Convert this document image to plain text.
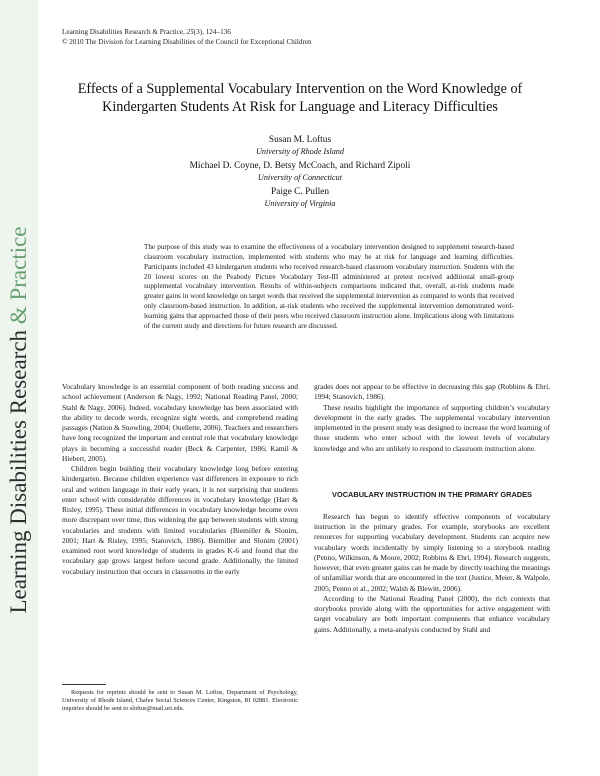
Learning Disabilities Research & Practice
Learning Disabilities Research & Practice, 25(3), 124–136
© 2010 The Division for Learning Disabilities of the Council for Exceptional Children
Effects of a Supplemental Vocabulary Intervention on the Word Knowledge of Kindergarten Students At Risk for Language and Literacy Difficulties
Susan M. Loftus
University of Rhode Island
Michael D. Coyne, D. Betsy McCoach, and Richard Zipoli
University of Connecticut
Paige C. Pullen
University of Virginia
The purpose of this study was to examine the effectiveness of a vocabulary intervention designed to supplement research-based classroom vocabulary instruction, implemented with students who may be at risk for language and learning difficulties. Participants included 43 kindergarten students who received research-based classroom vocabulary instruction. Students with the 20 lowest scores on the Peabody Picture Vocabulary Test-III administered at pretest received additional small-group supplemental vocabulary intervention. Results of within-subjects comparisons indicated that, overall, at-risk students made greater gains in word knowledge on target words that received the supplemental intervention as compared to words that received only classroom-based instruction. In addition, at-risk students who received the supplemental intervention demonstrated word-learning gains that approached those of their peers who received classroom instruction alone. Implications along with limitations of the current study and directions for future research are discussed.

Vocabulary knowledge is an essential component of both reading success and school achievement (Anderson & Nagy, 1992; National Reading Panel, 2000; Stahl & Nagy, 2006). Indeed, vocabulary knowledge has been associated with the ability to decode words, recognize sight words, and comprehend reading passages (Nation & Snowling, 2004; Ouellette, 2006). Teachers and researchers have long recognized the important and central role that vocabulary knowledge plays in becoming a successful reader (Beck & Carpenter, 1986; Kamil & Hiebert, 2005).

Children begin building their vocabulary knowledge long before entering kindergarten. Because children experience vast differences in exposure to rich oral and written language in their early years, it is not surprising that students enter school with considerable differences in vocabulary knowledge (Hart & Risley, 1995). These initial differences in vocabulary knowledge become even more discrepant over time, thus widening the gap between students with strong vocabularies and students with limited vocabularies (Biemiller & Slonim, 2001; Hart & Risley, 1995; Stanovich, 1986). Biemiller and Slonim (2001) examined root word knowledge of students in grades K-6 and found that the vocabulary gap grows largest before second grade. Additionally, the limited vocabulary instruction that occurs in classrooms in the early

Requests for reprints should be sent to Susan M. Loftus, Department of Psychology, University of Rhode Island, Chafee Social Sciences Center, Kingston, RI 02881. Electronic inquiries should be sent to sloftus@mail.uri.edu.

grades does not appear to be effective in decreasing this gap (Robbins & Ehri, 1994; Stanovich, 1986).

These results highlight the importance of supporting children’s vocabulary development in the early grades. The supplemental vocabulary intervention implemented in the present study was designed to increase the word learning of those students who enter school with the lowest levels of vocabulary knowledge and who are unlikely to respond to classroom instruction alone.

VOCABULARY INSTRUCTION IN THE PRIMARY GRADES

Research has begun to identify effective components of vocabulary instruction in the primary grades. For example, storybooks are excellent resources for supporting vocabulary development. Students can acquire new vocabulary words incidentally by simply listening to a storybook reading (Penno, Wilkinson, & Moore, 2002; Robbins & Ehri, 1994). Research suggests, however, that even greater gains can be made by directly teaching the meanings of unfamiliar words that are encountered in the text (Justice, Meier, & Walpole, 2005; Penno et al., 2002; Walsh & Blewitt, 2006).

According to the National Reading Panel (2000), the rich contexts that storybooks provide along with the opportunities for active engagement with target vocabulary are both important components that enhance vocabulary gains. Additionally, a meta-analysis conducted by Stahl and
